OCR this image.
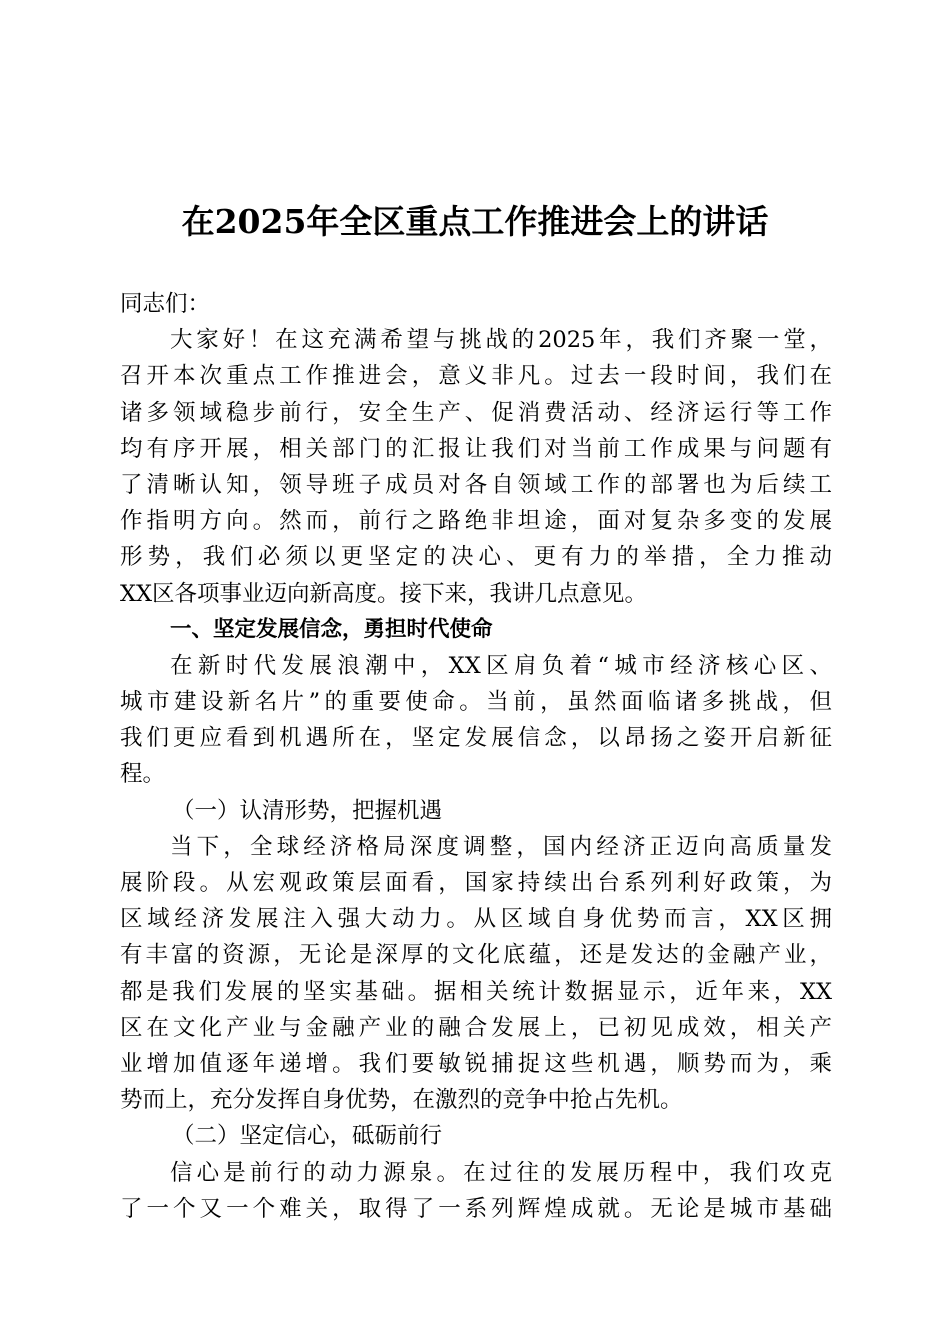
在2025年全区重点工作推进会上的讲话
同志们：
大家好！在这充满希望与挑战的2025年，我们齐聚一堂，
召开本次重点工作推进会，意义非凡。过去一段时间，我们在
诸多领域稳步前行，安全生产、促消费活动、经济运行等工作
均有序开展，相关部门的汇报让我们对当前工作成果与问题有
了清晰认知，领导班子成员对各自领域工作的部署也为后续工
作指明方向。然而，前行之路绝非坦途，面对复杂多变的发展
形势，我们必须以更坚定的决心、更有力的举措，全力推动
XX区各项事业迈向新高度。接下来，我讲几点意见。
一、坚定发展信念，勇担时代使命
在新时代发展浪潮中，XX区肩负着“城市经济核心区、
城市建设新名片”的重要使命。当前，虽然面临诸多挑战，但
我们更应看到机遇所在，坚定发展信念，以昂扬之姿开启新征
程。
（一）认清形势，把握机遇
当下，全球经济格局深度调整，国内经济正迈向高质量发
展阶段。从宏观政策层面看，国家持续出台系列利好政策，为
区域经济发展注入强大动力。从区域自身优势而言，XX区拥
有丰富的资源，无论是深厚的文化底蕴，还是发达的金融产业，
都是我们发展的坚实基础。据相关统计数据显示，近年来，XX
区在文化产业与金融产业的融合发展上，已初见成效，相关产
业增加值逐年递增。我们要敏锐捕捉这些机遇，顺势而为，乘
势而上，充分发挥自身优势，在激烈的竞争中抢占先机。
（二）坚定信心，砥砺前行
信心是前行的动力源泉。在过往的发展历程中，我们攻克
了一个又一个难关，取得了一系列辉煌成就。无论是城市基础
